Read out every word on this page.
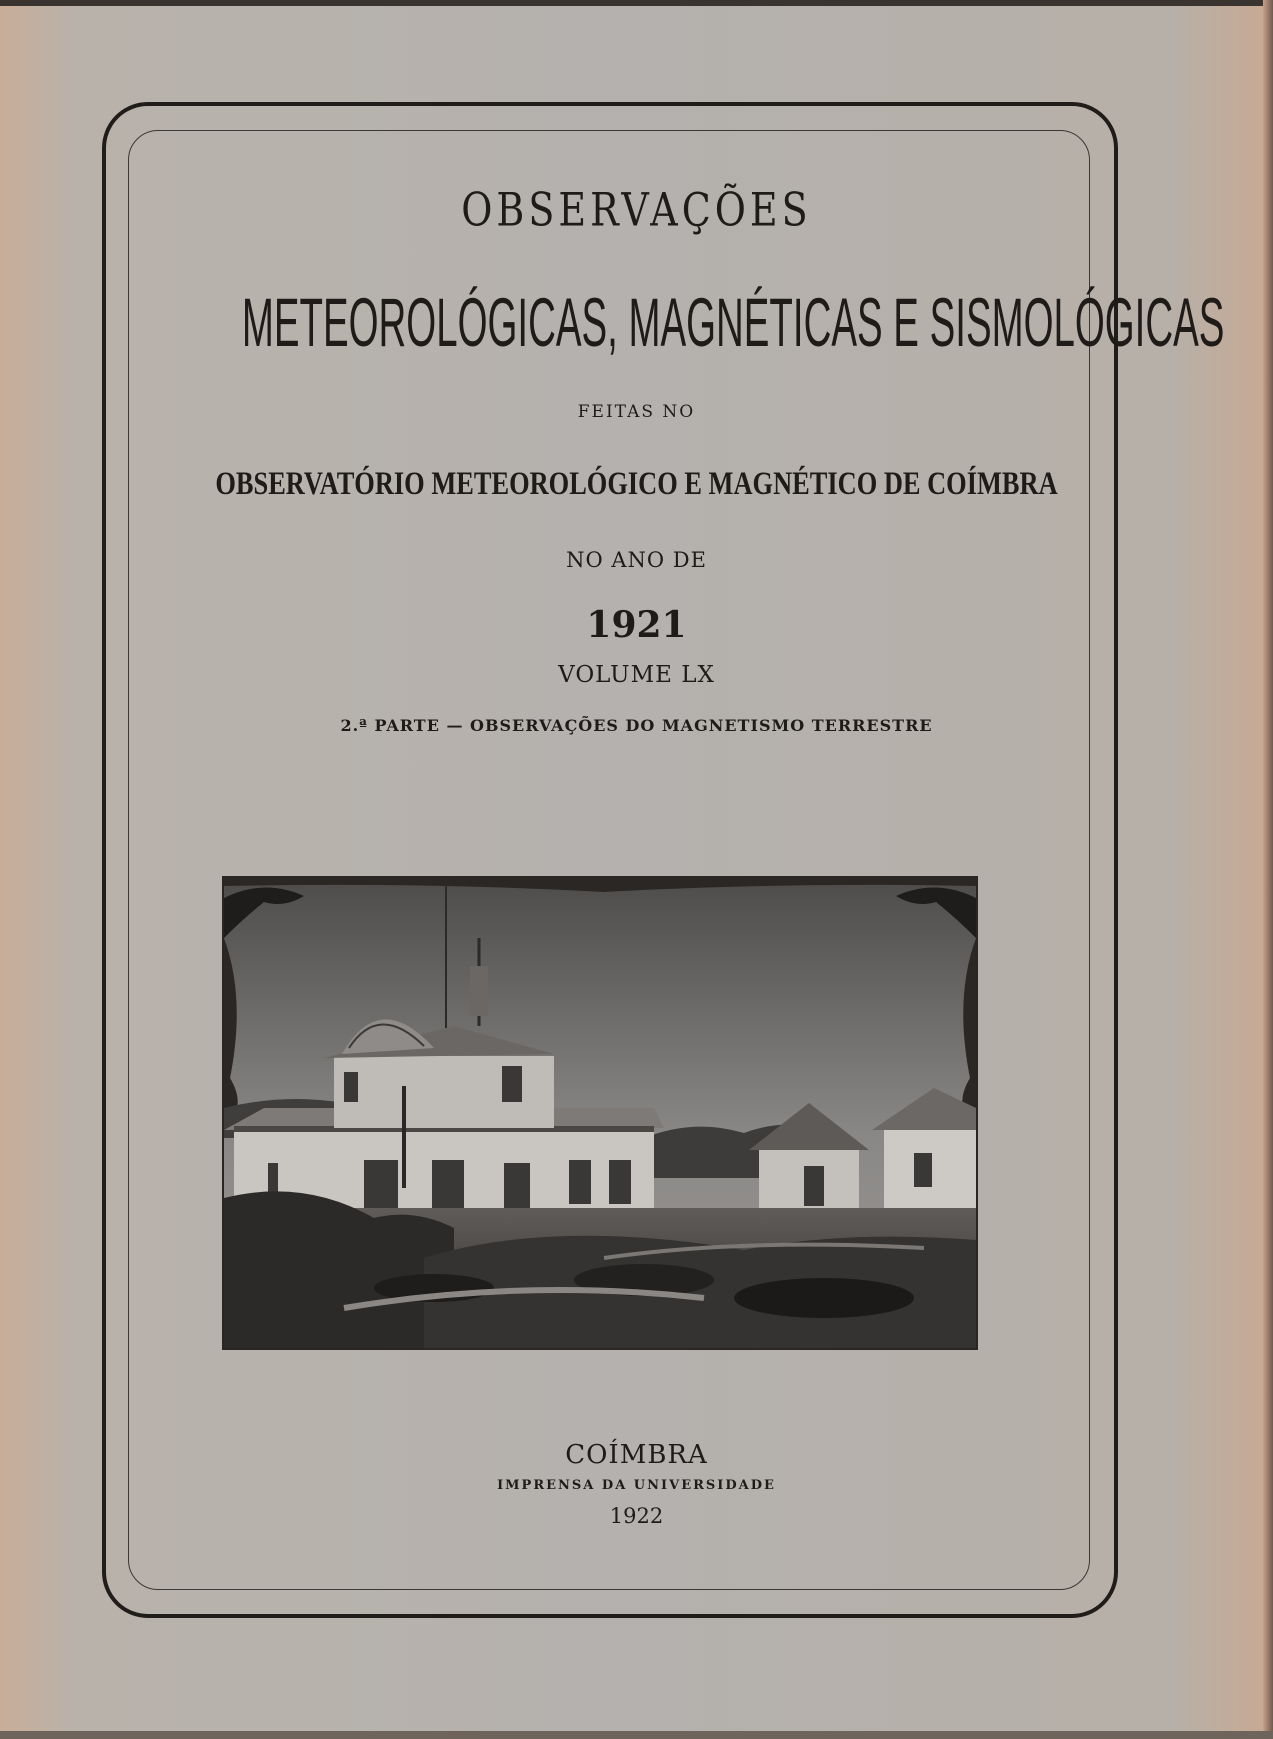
OBSERVAÇÕES
METEOROLÓGICAS, MAGNÉTICAS E SISMOLÓGICAS
FEITAS NO
OBSERVATÓRIO METEOROLÓGICO E MAGNÉTICO DE COÍMBRA
NO ANO DE
1921
VOLUME LX
2.ª PARTE — OBSERVAÇÕES DO MAGNETISMO TERRESTRE
COÍMBRA
IMPRENSA DA UNIVERSIDADE
1922
